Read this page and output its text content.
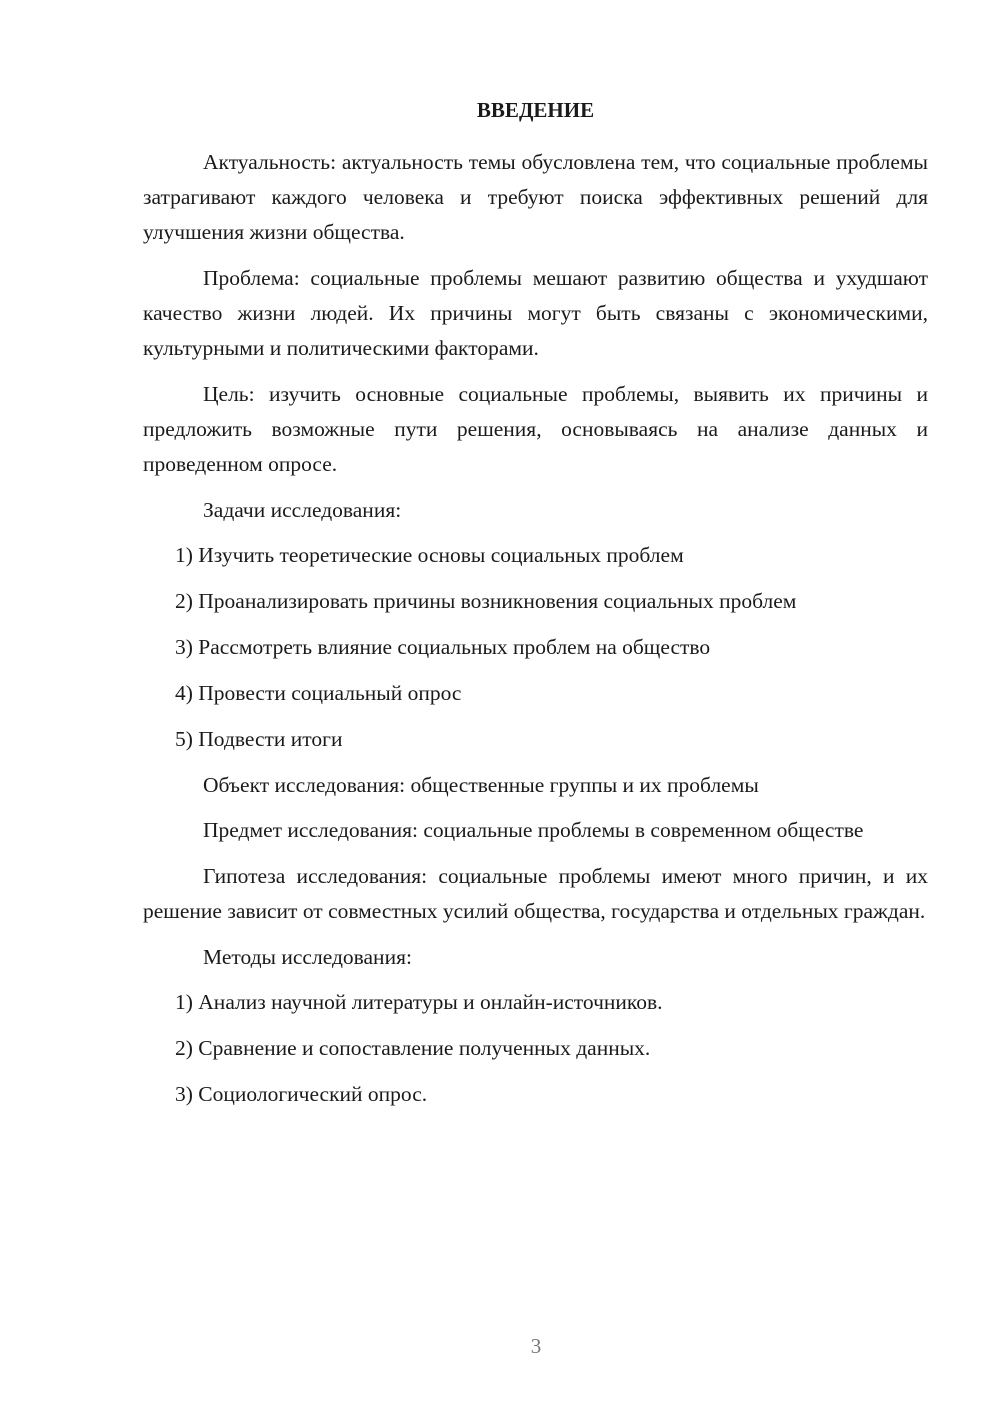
ВВЕДЕНИЕ

Актуальность: актуальность темы обусловлена тем, что социальные проблемы затрагивают каждого человека и требуют поиска эффективных решений для улучшения жизни общества.

Проблема: социальные проблемы мешают развитию общества и ухудшают качество жизни людей. Их причины могут быть связаны с экономическими, культурными и политическими факторами.

Цель: изучить основные социальные проблемы, выявить их причины и предложить возможные пути решения, основываясь на анализе данных и проведенном опросе.

Задачи исследования:

1) Изучить теоретические основы социальных проблем
2) Проанализировать причины возникновения социальных проблем
3) Рассмотреть влияние социальных проблем на общество
4) Провести социальный опрос
5) Подвести итоги

Объект исследования: общественные группы и их проблемы

Предмет исследования: социальные проблемы в современном обществе

Гипотеза исследования: социальные проблемы имеют много причин, и их решение зависит от совместных усилий общества, государства и отдельных граждан.

Методы исследования:

1) Анализ научной литературы и онлайн-источников.
2) Сравнение и сопоставление полученных данных.
3) Социологический опрос.
3
